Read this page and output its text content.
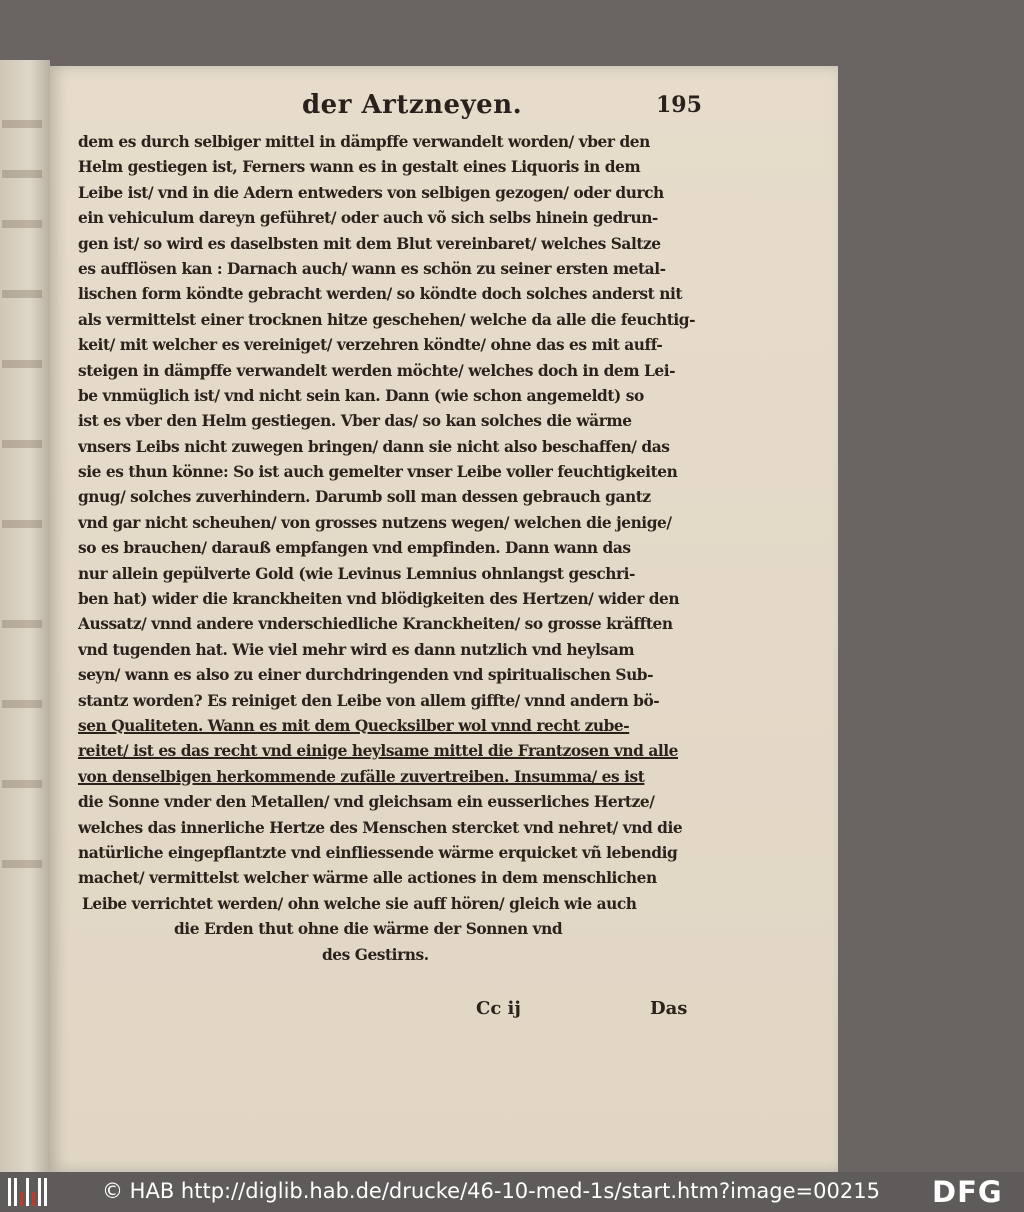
der Artzneyen.	195
dem es durch selbiger mittel in dämpffe verwandelt worden/ vber den
Helm gestiegen ist, Ferners wann es in gestalt eines Liquoris in dem
Leibe ist/ vnd in die Adern entweders von selbigen gezogen/ oder durch
ein vehiculum dareyn geführet/ oder auch võ sich selbs hinein gedrun-
gen ist/ so wird es daselbsten mit dem Blut vereinbaret/ welches Saltze
es aufflösen kan : Darnach auch/ wann es schön zu seiner ersten metal-
lischen form köndte gebracht werden/ so köndte doch solches anderst nit
als vermittelst einer trocknen hitze geschehen/ welche da alle die feuchtig-
keit/ mit welcher es vereiniget/ verzehren köndte/ ohne das es mit auff-
steigen in dämpffe verwandelt werden möchte/ welches doch in dem Lei-
be vnmüglich ist/ vnd nicht sein kan. Dann (wie schon angemeldt) so
ist es vber den Helm gestiegen. Vber das/ so kan solches die wärme
vnsers Leibs nicht zuwegen bringen/ dann sie nicht also beschaffen/ das
sie es thun könne: So ist auch gemelter vnser Leibe voller feuchtigkeiten
gnug/ solches zuverhindern. Darumb soll man dessen gebrauch gantz
vnd gar nicht scheuhen/ von grosses nutzens wegen/ welchen die jenige/
so es brauchen/ darauß empfangen vnd empfinden. Dann wann das
nur allein gepülverte Gold (wie Levinus Lemnius ohnlangst geschri-
ben hat) wider die kranckheiten vnd blödigkeiten des Hertzen/ wider den
Aussatz/ vnnd andere vnderschiedliche Kranckheiten/ so grosse kräfften
vnd tugenden hat. Wie viel mehr wird es dann nutzlich vnd heylsam
seyn/ wann es also zu einer durchdringenden vnd spiritualischen Sub-
stantz worden? Es reiniget den Leibe von allem giffte/ vnnd andern bö-
sen Qualiteten. Wann es mit dem Quecksilber wol vnnd recht zube-
reitet/ ist es das recht vnd einige heylsame mittel die Frantzosen vnd alle
von denselbigen herkommende zufälle zuvertreiben. Insumma/ es ist
die Sonne vnder den Metallen/ vnd gleichsam ein eusserliches Hertze/
welches das innerliche Hertze des Menschen stercket vnd nehret/ vnd die
natürliche eingepflantzte vnd einfliessende wärme erquicket vñ lebendig
machet/ vermittelst welcher wärme alle actiones in dem menschlichen
Leibe verrichtet werden/ ohn welche sie auff hören/ gleich wie auch
die Erden thut ohne die wärme der Sonnen vnd
des Gestirns.
Cc ij	Das
© HAB http://diglib.hab.de/drucke/46-10-med-1s/start.htm?image=00215 DFG
